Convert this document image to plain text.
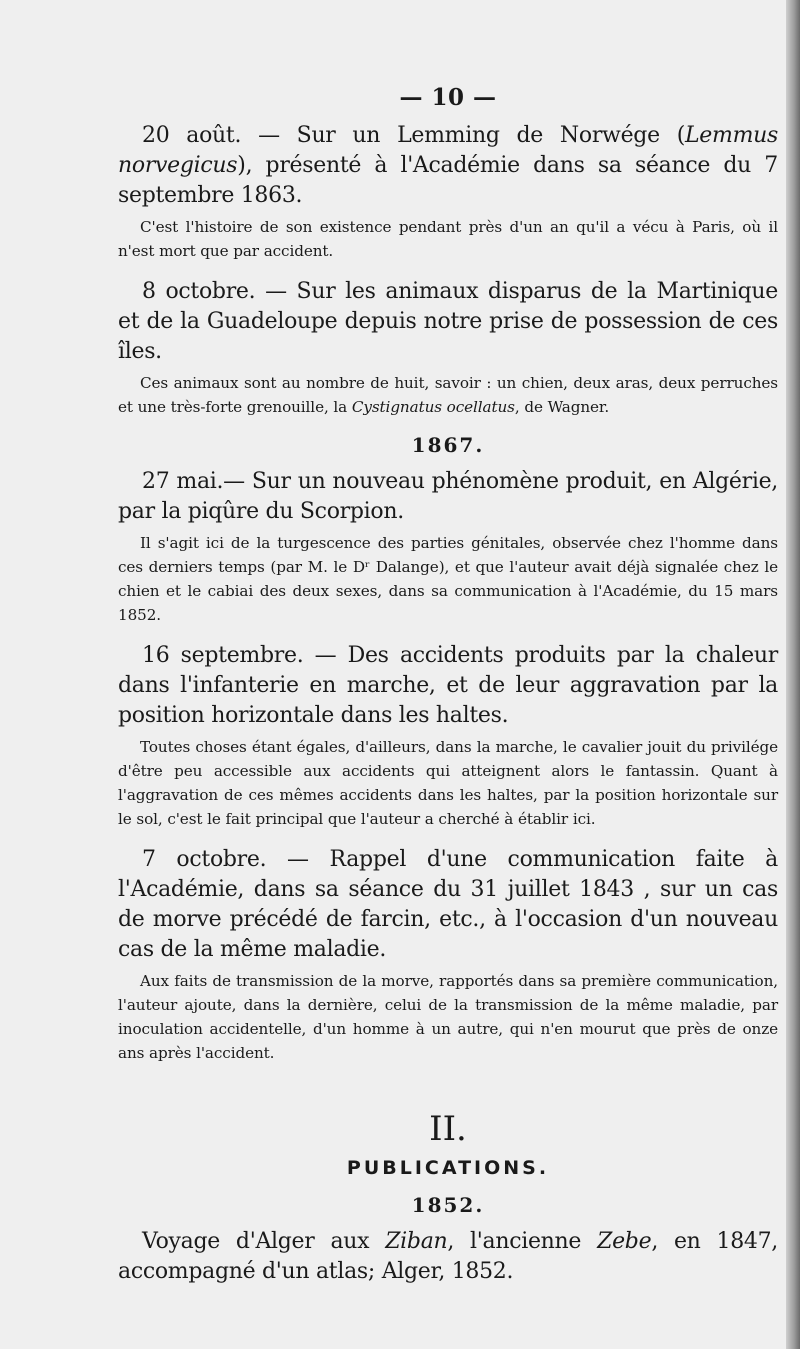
— 10 —
20 août. — Sur un Lemming de Norwége (Lemmus norvegicus), présenté à l'Académie dans sa séance du 7 septembre 1863.
C'est l'histoire de son existence pendant près d'un an qu'il a vécu à Paris, où il n'est mort que par accident.
8 octobre. — Sur les animaux disparus de la Martinique et de la Guadeloupe depuis notre prise de possession de ces îles.
Ces animaux sont au nombre de huit, savoir : un chien, deux aras, deux perruches et une très-forte grenouille, la Cystignatus ocellatus, de Wagner.
1867.
27 mai.— Sur un nouveau phénomène produit, en Algérie, par la piqûre du Scorpion.
Il s'agit ici de la turgescence des parties génitales, observée chez l'homme dans ces derniers temps (par M. le Dʳ Dalange), et que l'auteur avait déjà signalée chez le chien et le cabiai des deux sexes, dans sa communication à l'Académie, du 15 mars 1852.
16 septembre. — Des accidents produits par la chaleur dans l'infanterie en marche, et de leur aggravation par la position horizontale dans les haltes.
Toutes choses étant égales, d'ailleurs, dans la marche, le cavalier jouit du privilége d'être peu accessible aux accidents qui atteignent alors le fantassin. Quant à l'aggravation de ces mêmes accidents dans les haltes, par la position horizontale sur le sol, c'est le fait principal que l'auteur a cherché à établir ici.
7 octobre. — Rappel d'une communication faite à l'Académie, dans sa séance du 31 juillet 1843 , sur un cas de morve précédé de farcin, etc., à l'occasion d'un nouveau cas de la même maladie.
Aux faits de transmission de la morve, rapportés dans sa première communication, l'auteur ajoute, dans la dernière, celui de la transmission de la même maladie, par inoculation accidentelle, d'un homme à un autre, qui n'en mourut que près de onze ans après l'accident.
II.
PUBLICATIONS.
1852.
Voyage d'Alger aux Ziban, l'ancienne Zebe, en 1847, accompagné d'un atlas; Alger, 1852.
